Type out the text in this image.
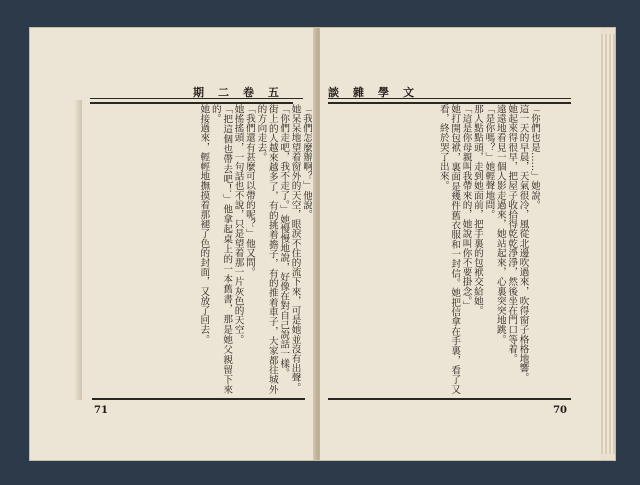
期二卷五

「我們怎麼辦啊？」他說。

她呆呆地望着窗外的天空，眼淚不住的流下來，可是她並沒有出聲。

「你們走吧，我不走了。」她慢慢地說，好像在對自己說話一樣。

街上的人越來越多了，有的挑着擔子，有的推着車子，大家都往城外的方向走去。

「我們還有甚麼可以帶的呢？」他又問。

她搖搖頭，一句話也不說，只是望着那一片灰色的天空。

「把這個也帶去吧！」他拿起桌上的一本舊書，那是她父親留下來的。

她接過來，輕輕地撫摸着那褪了色的封面，又放了回去。

71
談雜學文

「你們也是……」她說。

這一天的早晨，天氣很冷，風從北邊吹過來，吹得窗子格格地響。

她起來得很早，把屋子收拾得乾乾淨淨，然後坐在門口等着。

遠遠地看見一個人影走過來，她站起來，心裏突突地跳。

「是你嗎？」她輕聲地問。

那人點點頭，走到她面前，把手裏的包袱交給她。

「這是你母親叫我帶來的，她說叫你不要掛念。」

她打開包袱，裏面是幾件舊衣服和一封信。她把信拿在手裏，看了又看，終於哭了出來。

70
